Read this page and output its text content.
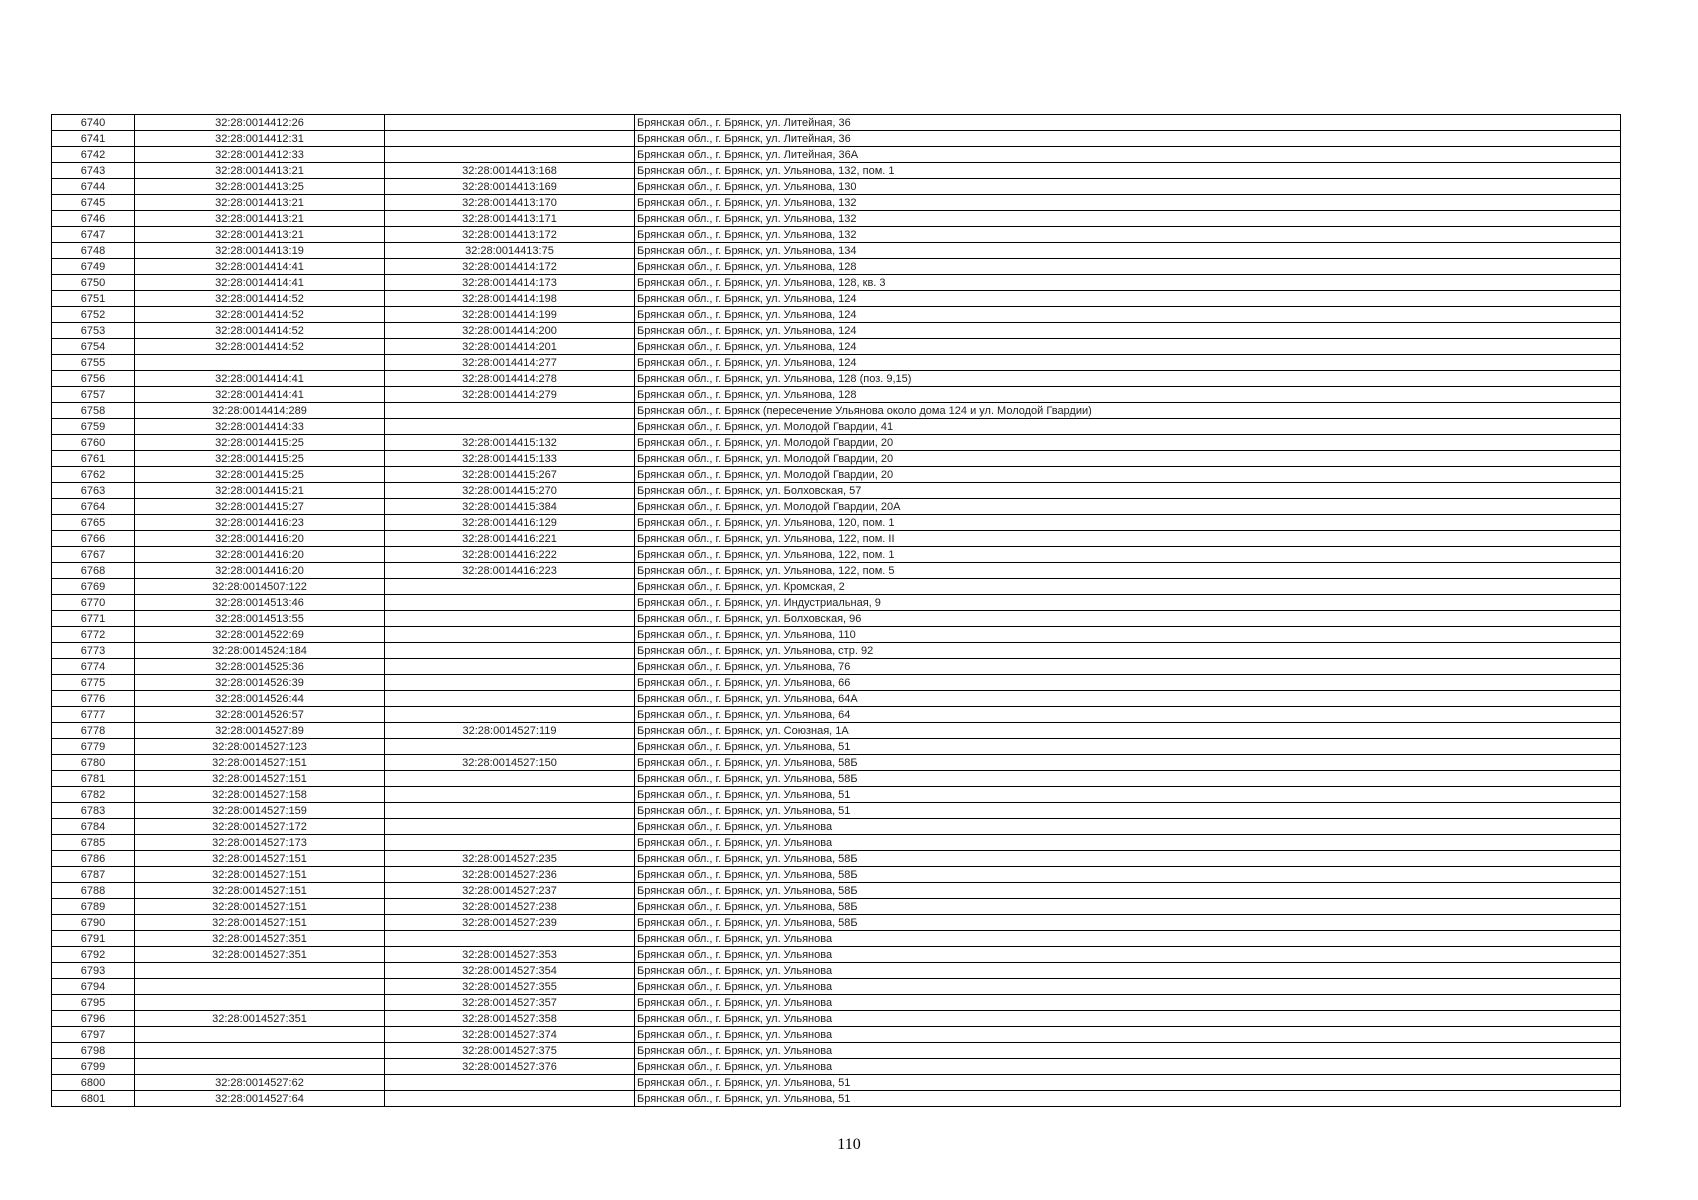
6740	32:28:0014412:26		Брянская обл., г. Брянск, ул. Литейная, 36
6741	32:28:0014412:31		Брянская обл., г. Брянск, ул. Литейная, 36
6742	32:28:0014412:33		Брянская обл., г. Брянск, ул. Литейная, 36А
6743	32:28:0014413:21	32:28:0014413:168	Брянская обл., г. Брянск, ул. Ульянова, 132, пом. 1
6744	32:28:0014413:25	32:28:0014413:169	Брянская обл., г. Брянск, ул. Ульянова, 130
6745	32:28:0014413:21	32:28:0014413:170	Брянская обл., г. Брянск, ул. Ульянова, 132
6746	32:28:0014413:21	32:28:0014413:171	Брянская обл., г. Брянск, ул. Ульянова, 132
6747	32:28:0014413:21	32:28:0014413:172	Брянская обл., г. Брянск, ул. Ульянова, 132
6748	32:28:0014413:19	32:28:0014413:75	Брянская обл., г. Брянск, ул. Ульянова, 134
6749	32:28:0014414:41	32:28:0014414:172	Брянская обл., г. Брянск, ул. Ульянова, 128
6750	32:28:0014414:41	32:28:0014414:173	Брянская обл., г. Брянск, ул. Ульянова, 128, кв. 3
6751	32:28:0014414:52	32:28:0014414:198	Брянская обл., г. Брянск, ул. Ульянова, 124
6752	32:28:0014414:52	32:28:0014414:199	Брянская обл., г. Брянск, ул. Ульянова, 124
6753	32:28:0014414:52	32:28:0014414:200	Брянская обл., г. Брянск, ул. Ульянова, 124
6754	32:28:0014414:52	32:28:0014414:201	Брянская обл., г. Брянск, ул. Ульянова, 124
6755		32:28:0014414:277	Брянская обл., г. Брянск, ул. Ульянова, 124
6756	32:28:0014414:41	32:28:0014414:278	Брянская обл., г. Брянск, ул. Ульянова, 128 (поз. 9,15)
6757	32:28:0014414:41	32:28:0014414:279	Брянская обл., г. Брянск, ул. Ульянова, 128
6758	32:28:0014414:289		Брянская обл., г. Брянск (пересечение Ульянова около дома 124 и ул. Молодой Гвардии)
6759	32:28:0014414:33		Брянская обл., г. Брянск, ул. Молодой Гвардии, 41
6760	32:28:0014415:25	32:28:0014415:132	Брянская обл., г. Брянск, ул. Молодой Гвардии, 20
6761	32:28:0014415:25	32:28:0014415:133	Брянская обл., г. Брянск, ул. Молодой Гвардии, 20
6762	32:28:0014415:25	32:28:0014415:267	Брянская обл., г. Брянск, ул. Молодой Гвардии, 20
6763	32:28:0014415:21	32:28:0014415:270	Брянская обл., г. Брянск, ул. Болховская, 57
6764	32:28:0014415:27	32:28:0014415:384	Брянская обл., г. Брянск, ул. Молодой Гвардии, 20А
6765	32:28:0014416:23	32:28:0014416:129	Брянская обл., г. Брянск, ул. Ульянова, 120, пом. 1
6766	32:28:0014416:20	32:28:0014416:221	Брянская обл., г. Брянск, ул. Ульянова, 122, пом. II
6767	32:28:0014416:20	32:28:0014416:222	Брянская обл., г. Брянск, ул. Ульянова, 122, пом. 1
6768	32:28:0014416:20	32:28:0014416:223	Брянская обл., г. Брянск, ул. Ульянова, 122, пом. 5
6769	32:28:0014507:122		Брянская обл., г. Брянск, ул. Кромская, 2
6770	32:28:0014513:46		Брянская обл., г. Брянск, ул. Индустриальная, 9
6771	32:28:0014513:55		Брянская обл., г. Брянск, ул. Болховская, 96
6772	32:28:0014522:69		Брянская обл., г. Брянск, ул. Ульянова, 110
6773	32:28:0014524:184		Брянская обл., г. Брянск, ул. Ульянова, стр. 92
6774	32:28:0014525:36		Брянская обл., г. Брянск, ул. Ульянова, 76
6775	32:28:0014526:39		Брянская обл., г. Брянск, ул. Ульянова, 66
6776	32:28:0014526:44		Брянская обл., г. Брянск, ул. Ульянова, 64А
6777	32:28:0014526:57		Брянская обл., г. Брянск, ул. Ульянова, 64
6778	32:28:0014527:89	32:28:0014527:119	Брянская обл., г. Брянск, ул. Союзная, 1А
6779	32:28:0014527:123		Брянская обл., г. Брянск, ул. Ульянова, 51
6780	32:28:0014527:151	32:28:0014527:150	Брянская обл., г. Брянск, ул. Ульянова, 58Б
6781	32:28:0014527:151		Брянская обл., г. Брянск, ул. Ульянова, 58Б
6782	32:28:0014527:158		Брянская обл., г. Брянск, ул. Ульянова, 51
6783	32:28:0014527:159		Брянская обл., г. Брянск, ул. Ульянова, 51
6784	32:28:0014527:172		Брянская обл., г. Брянск, ул. Ульянова
6785	32:28:0014527:173		Брянская обл., г. Брянск, ул. Ульянова
6786	32:28:0014527:151	32:28:0014527:235	Брянская обл., г. Брянск, ул. Ульянова, 58Б
6787	32:28:0014527:151	32:28:0014527:236	Брянская обл., г. Брянск, ул. Ульянова, 58Б
6788	32:28:0014527:151	32:28:0014527:237	Брянская обл., г. Брянск, ул. Ульянова, 58Б
6789	32:28:0014527:151	32:28:0014527:238	Брянская обл., г. Брянск, ул. Ульянова, 58Б
6790	32:28:0014527:151	32:28:0014527:239	Брянская обл., г. Брянск, ул. Ульянова, 58Б
6791	32:28:0014527:351		Брянская обл., г. Брянск, ул. Ульянова
6792	32:28:0014527:351	32:28:0014527:353	Брянская обл., г. Брянск, ул. Ульянова
6793		32:28:0014527:354	Брянская обл., г. Брянск, ул. Ульянова
6794		32:28:0014527:355	Брянская обл., г. Брянск, ул. Ульянова
6795		32:28:0014527:357	Брянская обл., г. Брянск, ул. Ульянова
6796	32:28:0014527:351	32:28:0014527:358	Брянская обл., г. Брянск, ул. Ульянова
6797		32:28:0014527:374	Брянская обл., г. Брянск, ул. Ульянова
6798		32:28:0014527:375	Брянская обл., г. Брянск, ул. Ульянова
6799		32:28:0014527:376	Брянская обл., г. Брянск, ул. Ульянова
6800	32:28:0014527:62		Брянская обл., г. Брянск, ул. Ульянова, 51
6801	32:28:0014527:64		Брянская обл., г. Брянск, ул. Ульянова, 51
110
